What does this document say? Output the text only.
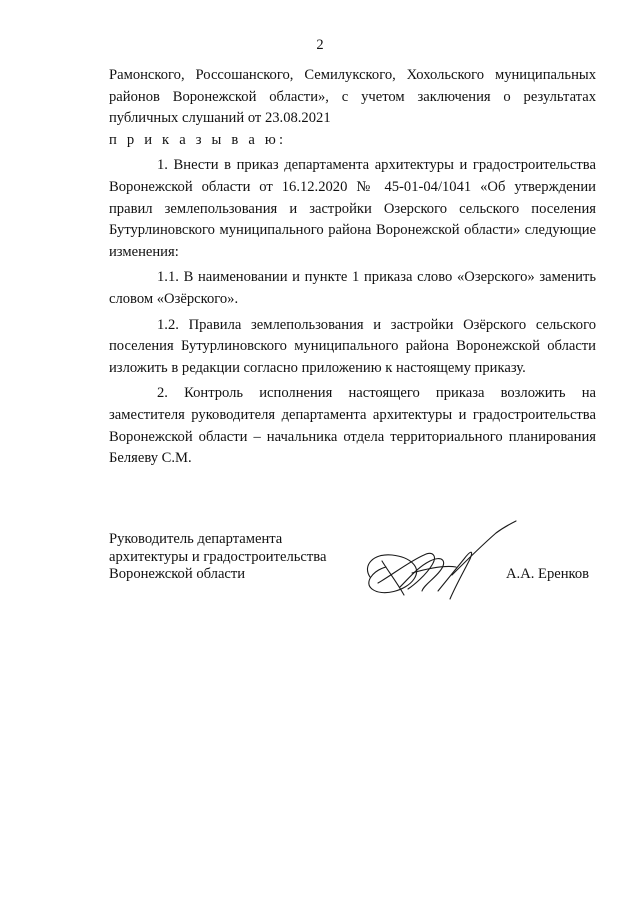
2

Рамонского, Россошанского, Семилукского, Хохольского муниципальных районов Воронежской области», с учетом заключения о результатах публичных слушаний от 23.08.2021

п р и к а з ы в а ю:

1. Внести в приказ департамента архитектуры и градостроительства Воронежской области от 16.12.2020 № 45-01-04/1041 «Об утверждении правил землепользования и застройки Озерского сельского поселения Бутурлиновского муниципального района Воронежской области» следующие изменения:

1.1. В наименовании и пункте 1 приказа слово «Озерского» заменить словом «Озёрского».

1.2. Правила землепользования и застройки Озёрского сельского поселения Бутурлиновского муниципального района Воронежской области изложить в редакции согласно приложению к настоящему приказу.

2. Контроль исполнения настоящего приказа возложить на заместителя руководителя департамента архитектуры и градостроительства Воронежской области – начальника отдела территориального планирования Беляеву С.М.

Руководитель департамента
архитектуры и градостроительства
Воронежской области	А.А. Еренков
